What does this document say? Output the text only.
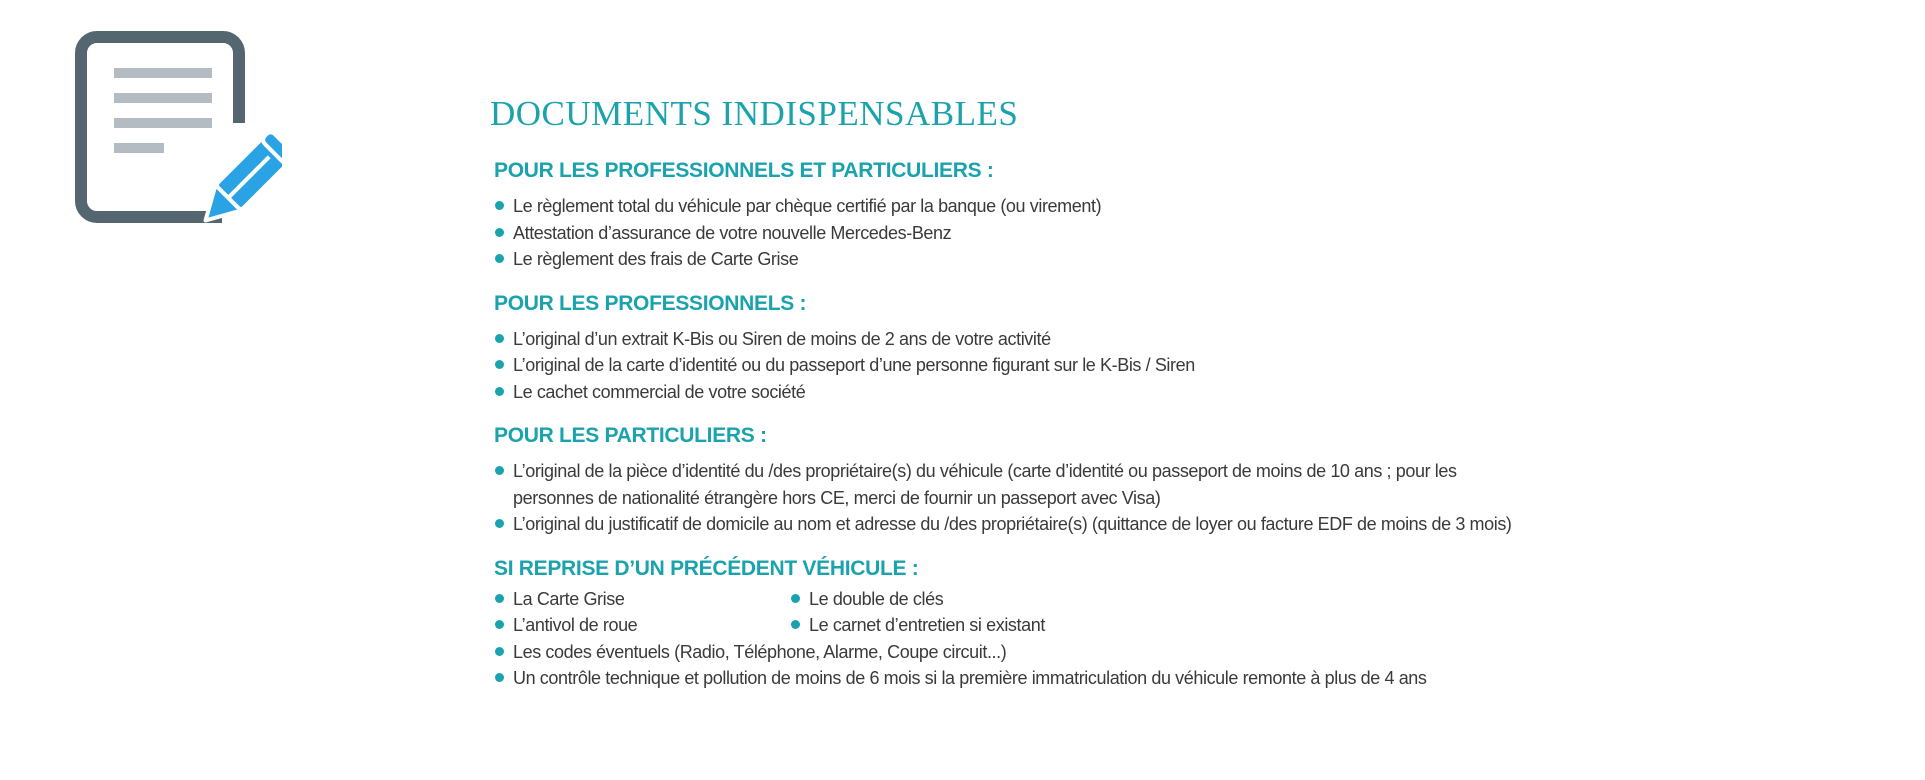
DOCUMENTS INDISPENSABLES
POUR LES PROFESSIONNELS ET PARTICULIERS :
Le règlement total du véhicule par chèque certifié par la banque (ou virement)
Attestation d’assurance de votre nouvelle Mercedes-Benz
Le règlement des frais de Carte Grise
POUR LES PROFESSIONNELS :
L’original d’un extrait K-Bis ou Siren de moins de 2 ans de votre activité
L’original de la carte d’identité ou du passeport d’une personne figurant sur le K-Bis / Siren
Le cachet commercial de votre société
POUR LES PARTICULIERS :
L’original de la pièce d’identité du /des propriétaire(s) du véhicule (carte d’identité ou passeport de moins de 10 ans ; pour les personnes de nationalité étrangère hors CE, merci de fournir un passeport avec Visa)
L’original du justificatif de domicile au nom et adresse du /des propriétaire(s) (quittance de loyer ou facture EDF de moins de 3 mois)
SI REPRISE D’UN PRÉCÉDENT VÉHICULE :
La Carte Grise
L’antivol de roue
Le double de clés
Le carnet d’entretien si existant
Les codes éventuels (Radio, Téléphone, Alarme, Coupe circuit...)
Un contrôle technique et pollution de moins de 6 mois si la première immatriculation du véhicule remonte à plus de 4 ans
